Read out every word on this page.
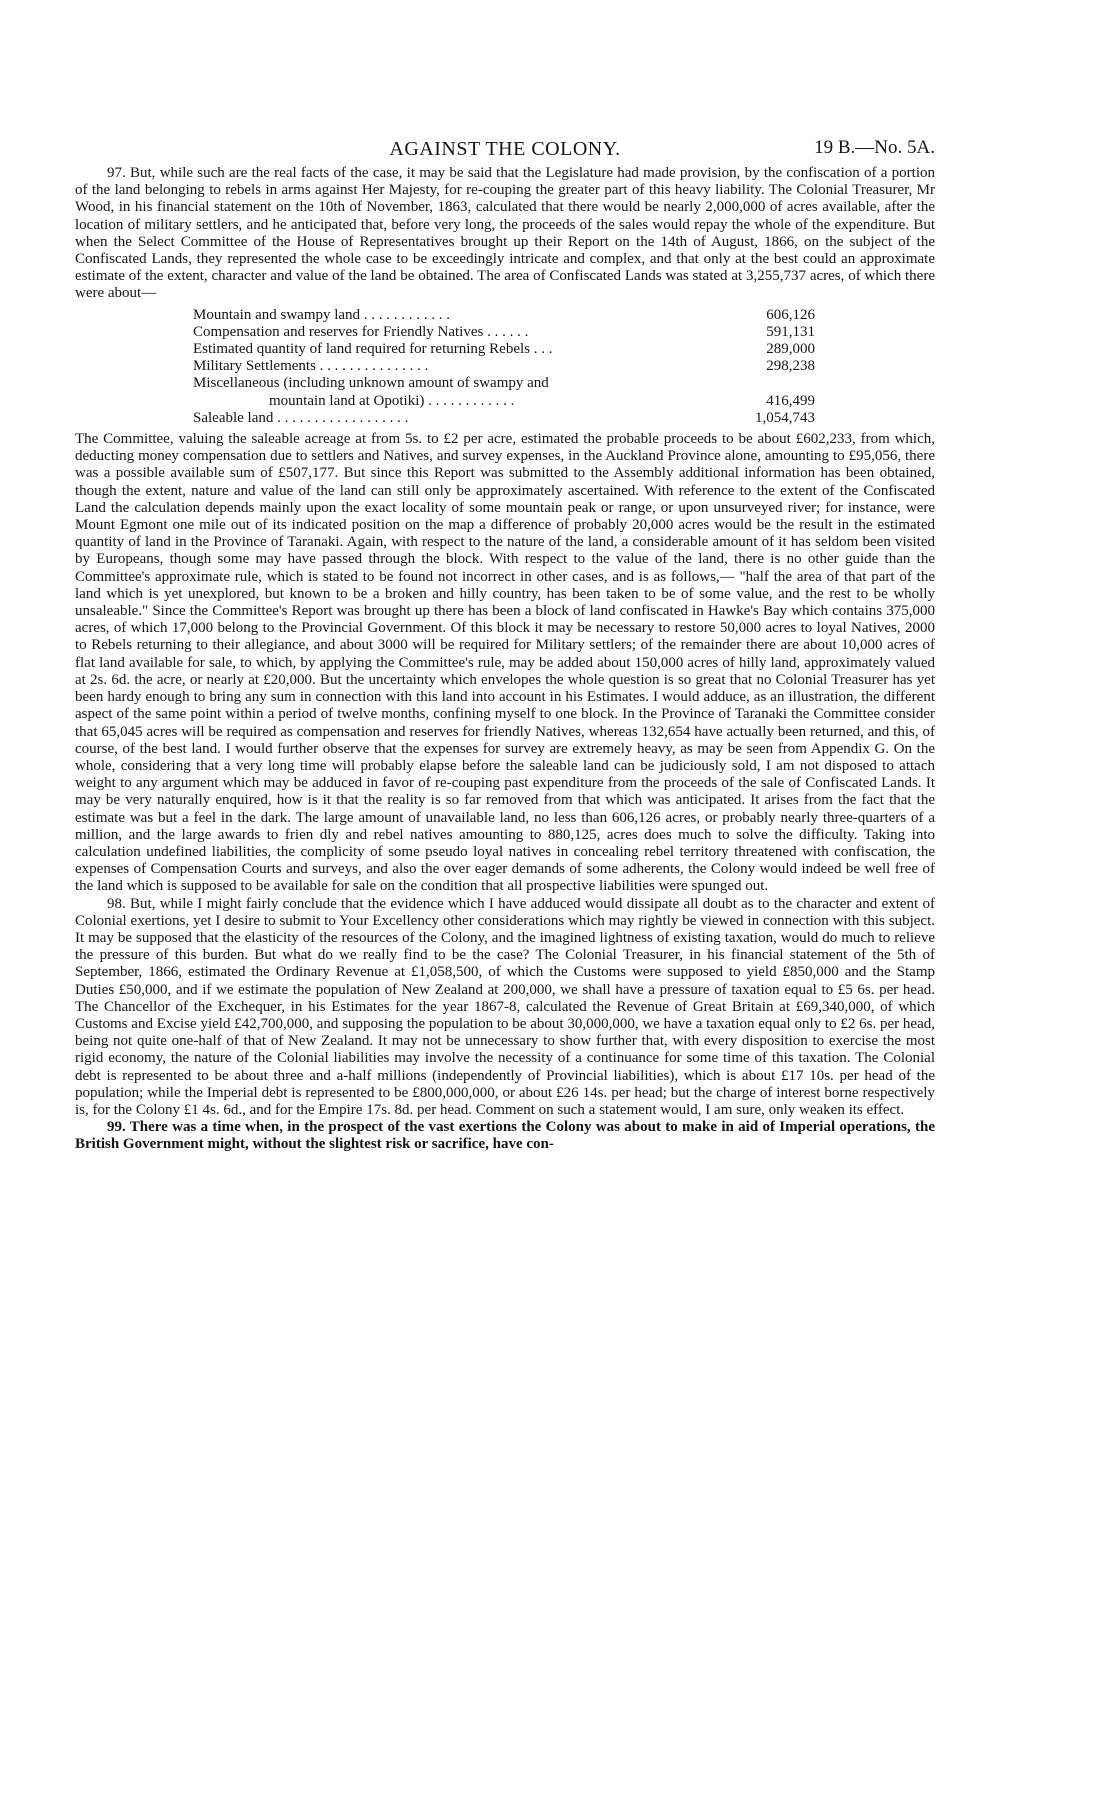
AGAINST THE COLONY.	19 B.—No. 5A.

97. But, while such are the real facts of the case, it may be said that the Legislature had made provision, by the confiscation of a portion of the land belonging to rebels in arms against Her Majesty, for re-couping the greater part of this heavy liability. The Colonial Treasurer, Mr Wood, in his financial statement on the 10th of November, 1863, calculated that there would be nearly 2,000,000 of acres available, after the location of military settlers, and he anticipated that, before very long, the proceeds of the sales would repay the whole of the expenditure. But when the Select Committee of the House of Representatives brought up their Report on the 14th of August, 1866, on the subject of the Confiscated Lands, they represented the whole case to be exceedingly intricate and complex, and that only at the best could an approximate estimate of the extent, character and value of the land be obtained. The area of Confiscated Lands was stated at 3,255,737 acres, of which there were about—

Mountain and swampy land . . . . . . . . . . . .	606,126
Compensation and reserves for Friendly Natives . . . . . .	591,131
Estimated quantity of land required for returning Rebels . . .	289,000
Military Settlements . . . . . . . . . . . . . . .	298,238
Miscellaneous (including unknown amount of swampy and
mountain land at Opotiki) . . . . . . . . . . . .	416,499
Saleable land . . . . . . . . . . . . . . . . . .	1,054,743

The Committee, valuing the saleable acreage at from 5s. to £2 per acre, estimated the probable proceeds to be about £602,233, from which, deducting money compensation due to settlers and Natives, and survey expenses, in the Auckland Province alone, amounting to £95,056, there was a possible available sum of £507,177. But since this Report was submitted to the Assembly additional information has been obtained, though the extent, nature and value of the land can still only be approximately ascertained. With reference to the extent of the Confiscated Land the calculation depends mainly upon the exact locality of some mountain peak or range, or upon unsurveyed river; for instance, were Mount Egmont one mile out of its indicated position on the map a difference of probably 20,000 acres would be the result in the estimated quantity of land in the Province of Taranaki. Again, with respect to the nature of the land, a considerable amount of it has seldom been visited by Europeans, though some may have passed through the block. With respect to the value of the land, there is no other guide than the Committee's approximate rule, which is stated to be found not incorrect in other cases, and is as follows,— "half the area of that part of the land which is yet unexplored, but known to be a broken and hilly country, has been taken to be of some value, and the rest to be wholly unsaleable." Since the Committee's Report was brought up there has been a block of land confiscated in Hawke's Bay which contains 375,000 acres, of which 17,000 belong to the Provincial Government. Of this block it may be necessary to restore 50,000 acres to loyal Natives, 2000 to Rebels returning to their allegiance, and about 3000 will be required for Military settlers; of the remainder there are about 10,000 acres of flat land available for sale, to which, by applying the Committee's rule, may be added about 150,000 acres of hilly land, approximately valued at 2s. 6d. the acre, or nearly at £20,000. But the uncertainty which envelopes the whole question is so great that no Colonial Treasurer has yet been hardy enough to bring any sum in connection with this land into account in his Estimates. I would adduce, as an illustration, the different aspect of the same point within a period of twelve months, confining myself to one block. In the Province of Taranaki the Committee consider that 65,045 acres will be required as compensation and reserves for friendly Natives, whereas 132,654 have actually been returned, and this, of course, of the best land. I would further observe that the expenses for survey are extremely heavy, as may be seen from Appendix G. On the whole, considering that a very long time will probably elapse before the saleable land can be judiciously sold, I am not disposed to attach weight to any argument which may be adduced in favor of re-couping past expenditure from the proceeds of the sale of Confiscated Lands. It may be very naturally enquired, how is it that the reality is so far removed from that which was anticipated. It arises from the fact that the estimate was but a feel in the dark. The large amount of unavailable land, no less than 606,126 acres, or probably nearly three-quarters of a million, and the large awards to frien dly and rebel natives amounting to 880,125, acres does much to solve the difficulty. Taking into calculation undefined liabilities, the complicity of some pseudo loyal natives in concealing rebel territory threatened with confiscation, the expenses of Compensation Courts and surveys, and also the over eager demands of some adherents, the Colony would indeed be well free of the land which is supposed to be available for sale on the condition that all prospective liabilities were spunged out.

98. But, while I might fairly conclude that the evidence which I have adduced would dissipate all doubt as to the character and extent of Colonial exertions, yet I desire to submit to Your Excellency other considerations which may rightly be viewed in connection with this subject. It may be supposed that the elasticity of the resources of the Colony, and the imagined lightness of existing taxation, would do much to relieve the pressure of this burden. But what do we really find to be the case? The Colonial Treasurer, in his financial statement of the 5th of September, 1866, estimated the Ordinary Revenue at £1,058,500, of which the Customs were supposed to yield £850,000 and the Stamp Duties £50,000, and if we estimate the population of New Zealand at 200,000, we shall have a pressure of taxation equal to £5 6s. per head. The Chancellor of the Exchequer, in his Estimates for the year 1867-8, calculated the Revenue of Great Britain at £69,340,000, of which Customs and Excise yield £42,700,000, and supposing the population to be about 30,000,000, we have a taxation equal only to £2 6s. per head, being not quite one-half of that of New Zealand. It may not be unnecessary to show further that, with every disposition to exercise the most rigid economy, the nature of the Colonial liabilities may involve the necessity of a continuance for some time of this taxation. The Colonial debt is represented to be about three and a-half millions (independently of Provincial liabilities), which is about £17 10s. per head of the population; while the Imperial debt is represented to be £800,000,000, or about £26 14s. per head; but the charge of interest borne respectively is, for the Colony £1 4s. 6d., and for the Empire 17s. 8d. per head. Comment on such a statement would, I am sure, only weaken its effect.

99. There was a time when, in the prospect of the vast exertions the Colony was about to make in aid of Imperial operations, the British Government might, without the slightest risk or sacrifice, have con-
